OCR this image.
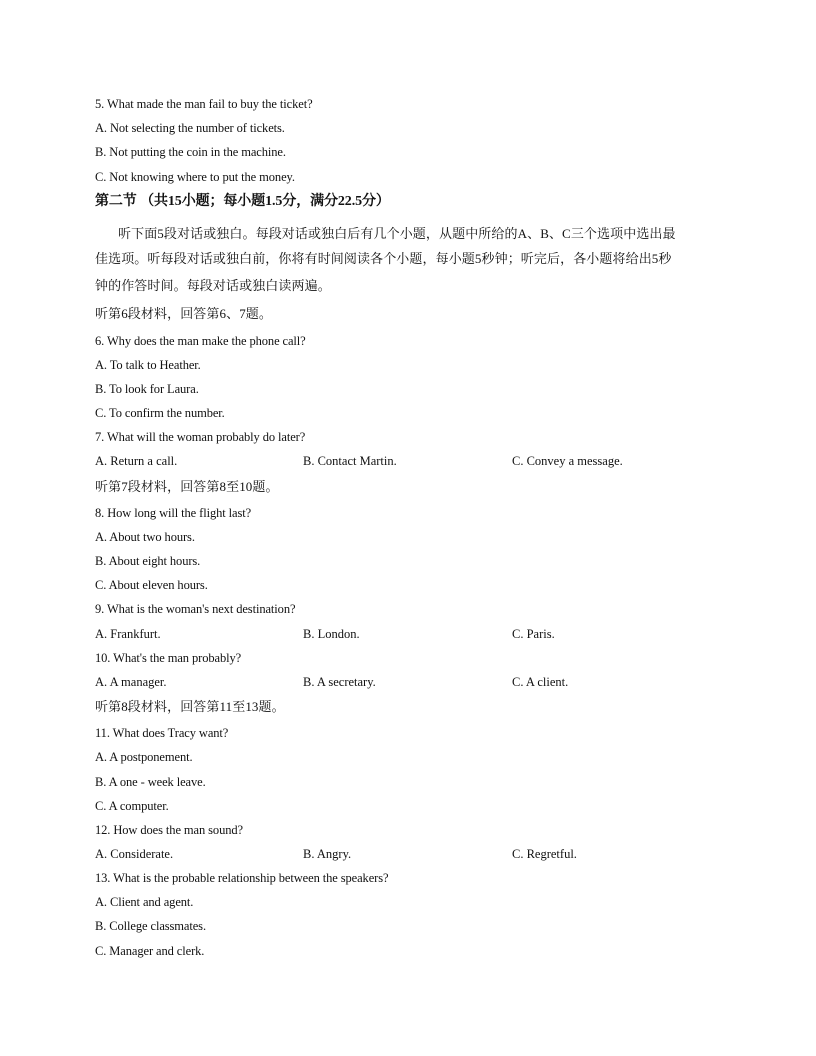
5. What made the man fail to buy the ticket?
A. Not selecting the number of tickets.
B. Not putting the coin in the machine.
C. Not knowing where to put the money.
第二节 （共15小题；每小题1.5分，满分22.5分）
听下面5段对话或独白。每段对话或独白后有几个小题，从题中所给的A、B、C三个选项中选出最
佳选项。听每段对话或独白前，你将有时间阅读各个小题，每小题5秒钟；听完后，各小题将给出5秒
钟的作答时间。每段对话或独白读两遍。
听第6段材料，回答第6、7题。
6. Why does the man make the phone call?
A. To talk to Heather.
B. To look for Laura.
C. To confirm the number.
7. What will the woman probably do later?
A. Return a call.	B. Contact Martin.	C. Convey a message.
听第7段材料，回答第8至10题。
8. How long will the flight last?
A. About two hours.
B. About eight hours.
C. About eleven hours.
9. What is the woman's next destination?
A. Frankfurt.	B. London.	C. Paris.
10. What's the man probably?
A. A manager.	B. A secretary.	C. A client.
听第8段材料，回答第11至13题。
11. What does Tracy want?
A. A postponement.
B. A one - week leave.
C. A computer.
12. How does the man sound?
A. Considerate.	B. Angry.	C. Regretful.
13. What is the probable relationship between the speakers?
A. Client and agent.
B. College classmates.
C. Manager and clerk.
